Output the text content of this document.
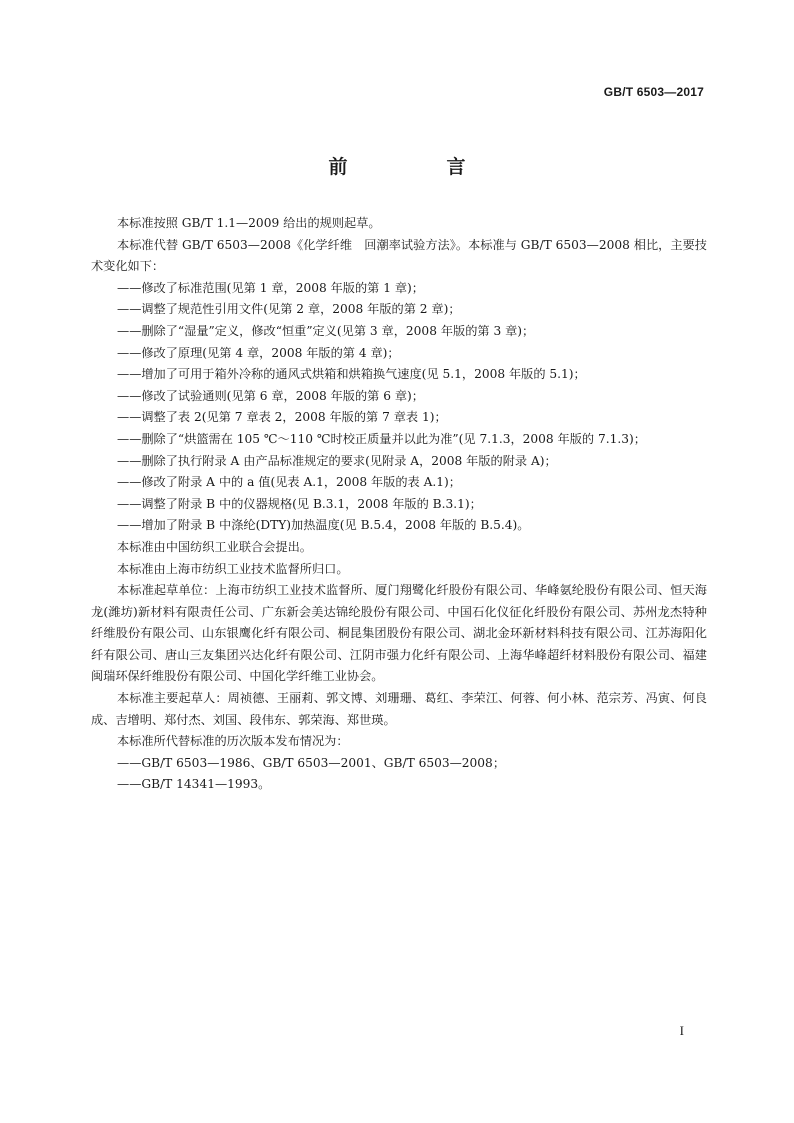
GB/T 6503—2017
前　言

本标准按照 GB/T 1.1—2009 给出的规则起草。

本标准代替 GB/T 6503—2008《化学纤维　回潮率试验方法》。本标准与 GB/T 6503—2008 相比，主要技术变化如下：

——修改了标准范围(见第 1 章，2008 年版的第 1 章)；

——调整了规范性引用文件(见第 2 章，2008 年版的第 2 章)；

——删除了“湿量”定义，修改“恒重”定义(见第 3 章，2008 年版的第 3 章)；

——修改了原理(见第 4 章，2008 年版的第 4 章)；

——增加了可用于箱外冷称的通风式烘箱和烘箱换气速度(见 5.1，2008 年版的 5.1)；

——修改了试验通则(见第 6 章，2008 年版的第 6 章)；

——调整了表 2(见第 7 章表 2，2008 年版的第 7 章表 1)；

——删除了“烘篮需在 105 ℃～110 ℃时校正质量并以此为准”(见 7.1.3，2008 年版的 7.1.3)；

——删除了执行附录 A 由产品标准规定的要求(见附录 A，2008 年版的附录 A)；

——修改了附录 A 中的 a 值(见表 A.1，2008 年版的表 A.1)；

——调整了附录 B 中的仪器规格(见 B.3.1，2008 年版的 B.3.1)；

——增加了附录 B 中涤纶(DTY)加热温度(见 B.5.4，2008 年版的 B.5.4)。

本标准由中国纺织工业联合会提出。

本标准由上海市纺织工业技术监督所归口。

本标准起草单位：上海市纺织工业技术监督所、厦门翔鹭化纤股份有限公司、华峰氨纶股份有限公司、恒天海龙(潍坊)新材料有限责任公司、广东新会美达锦纶股份有限公司、中国石化仪征化纤股份有限公司、苏州龙杰特种纤维股份有限公司、山东银鹰化纤有限公司、桐昆集团股份有限公司、湖北金环新材料科技有限公司、江苏海阳化纤有限公司、唐山三友集团兴达化纤有限公司、江阴市强力化纤有限公司、上海华峰超纤材料股份有限公司、福建闽瑞环保纤维股份有限公司、中国化学纤维工业协会。

本标准主要起草人：周祯德、王丽莉、郭文博、刘珊珊、葛红、李荣江、何蓉、何小林、范宗芳、冯寅、何良成、吉增明、郑付杰、刘国、段伟东、郭荣海、郑世瑛。

本标准所代替标准的历次版本发布情况为：

——GB/T 6503—1986、GB/T 6503—2001、GB/T 6503—2008；

——GB/T 14341—1993。

I
